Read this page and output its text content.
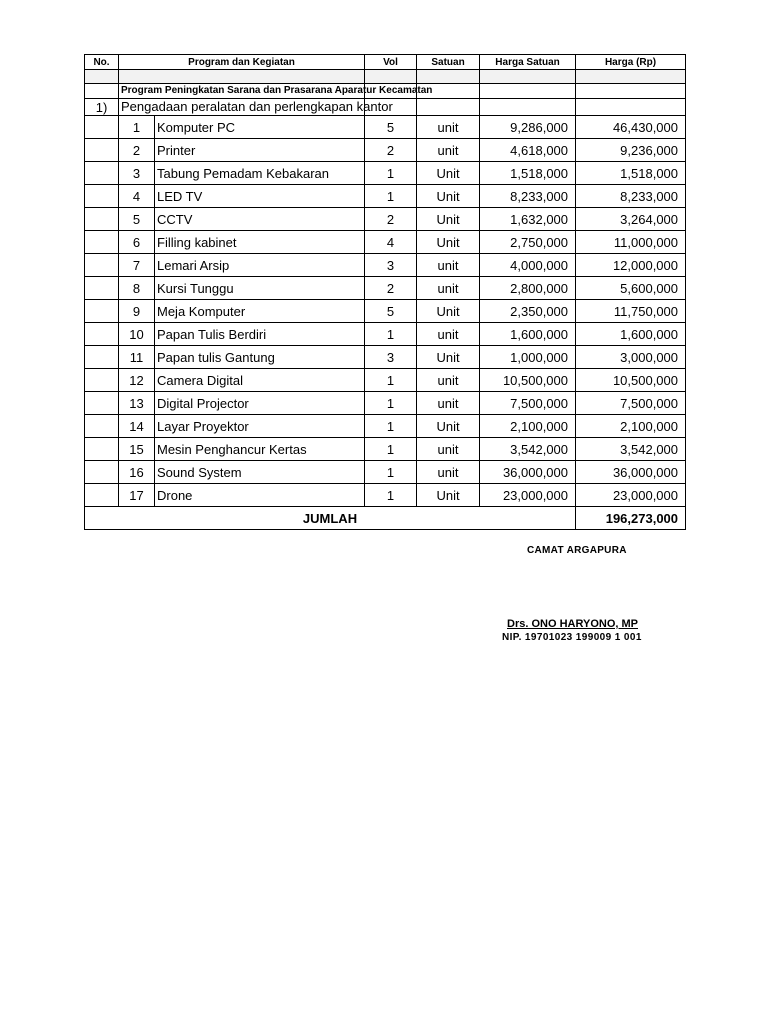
No.	Program dan Kegiatan		Vol	Satuan	Harga Satuan	Harga (Rp)

	Program Peningkatan Sarana dan Prasarana Aparatur Kecamatan					

1)	Pengadaan peralatan dan perlengkapan kantor					

	1	Komputer PC	5	unit	9,286,000	46,430,000
	2	Printer	2	unit	4,618,000	9,236,000
	3	Tabung Pemadam Kebakaran	1	Unit	1,518,000	1,518,000
	4	LED TV	1	Unit	8,233,000	8,233,000
	5	CCTV	2	Unit	1,632,000	3,264,000
	6	Filling kabinet	4	Unit	2,750,000	11,000,000
	7	Lemari Arsip	3	unit	4,000,000	12,000,000
	8	Kursi Tunggu	2	unit	2,800,000	5,600,000
	9	Meja Komputer	5	Unit	2,350,000	11,750,000
	10	Papan Tulis Berdiri	1	unit	1,600,000	1,600,000
	11	Papan tulis Gantung	3	Unit	1,000,000	3,000,000
	12	Camera Digital	1	unit	10,500,000	10,500,000
	13	Digital Projector	1	unit	7,500,000	7,500,000
	14	Layar Proyektor	1	Unit	2,100,000	2,100,000
	15	Mesin Penghancur Kertas	1	unit	3,542,000	3,542,000
	16	Sound System	1	unit	36,000,000	36,000,000
	17	Drone	1	Unit	23,000,000	23,000,000
JUMLAH						196,273,000
CAMAT ARGAPURA
Drs. ONO HARYONO, MP
NIP. 19701023 199009 1 001
